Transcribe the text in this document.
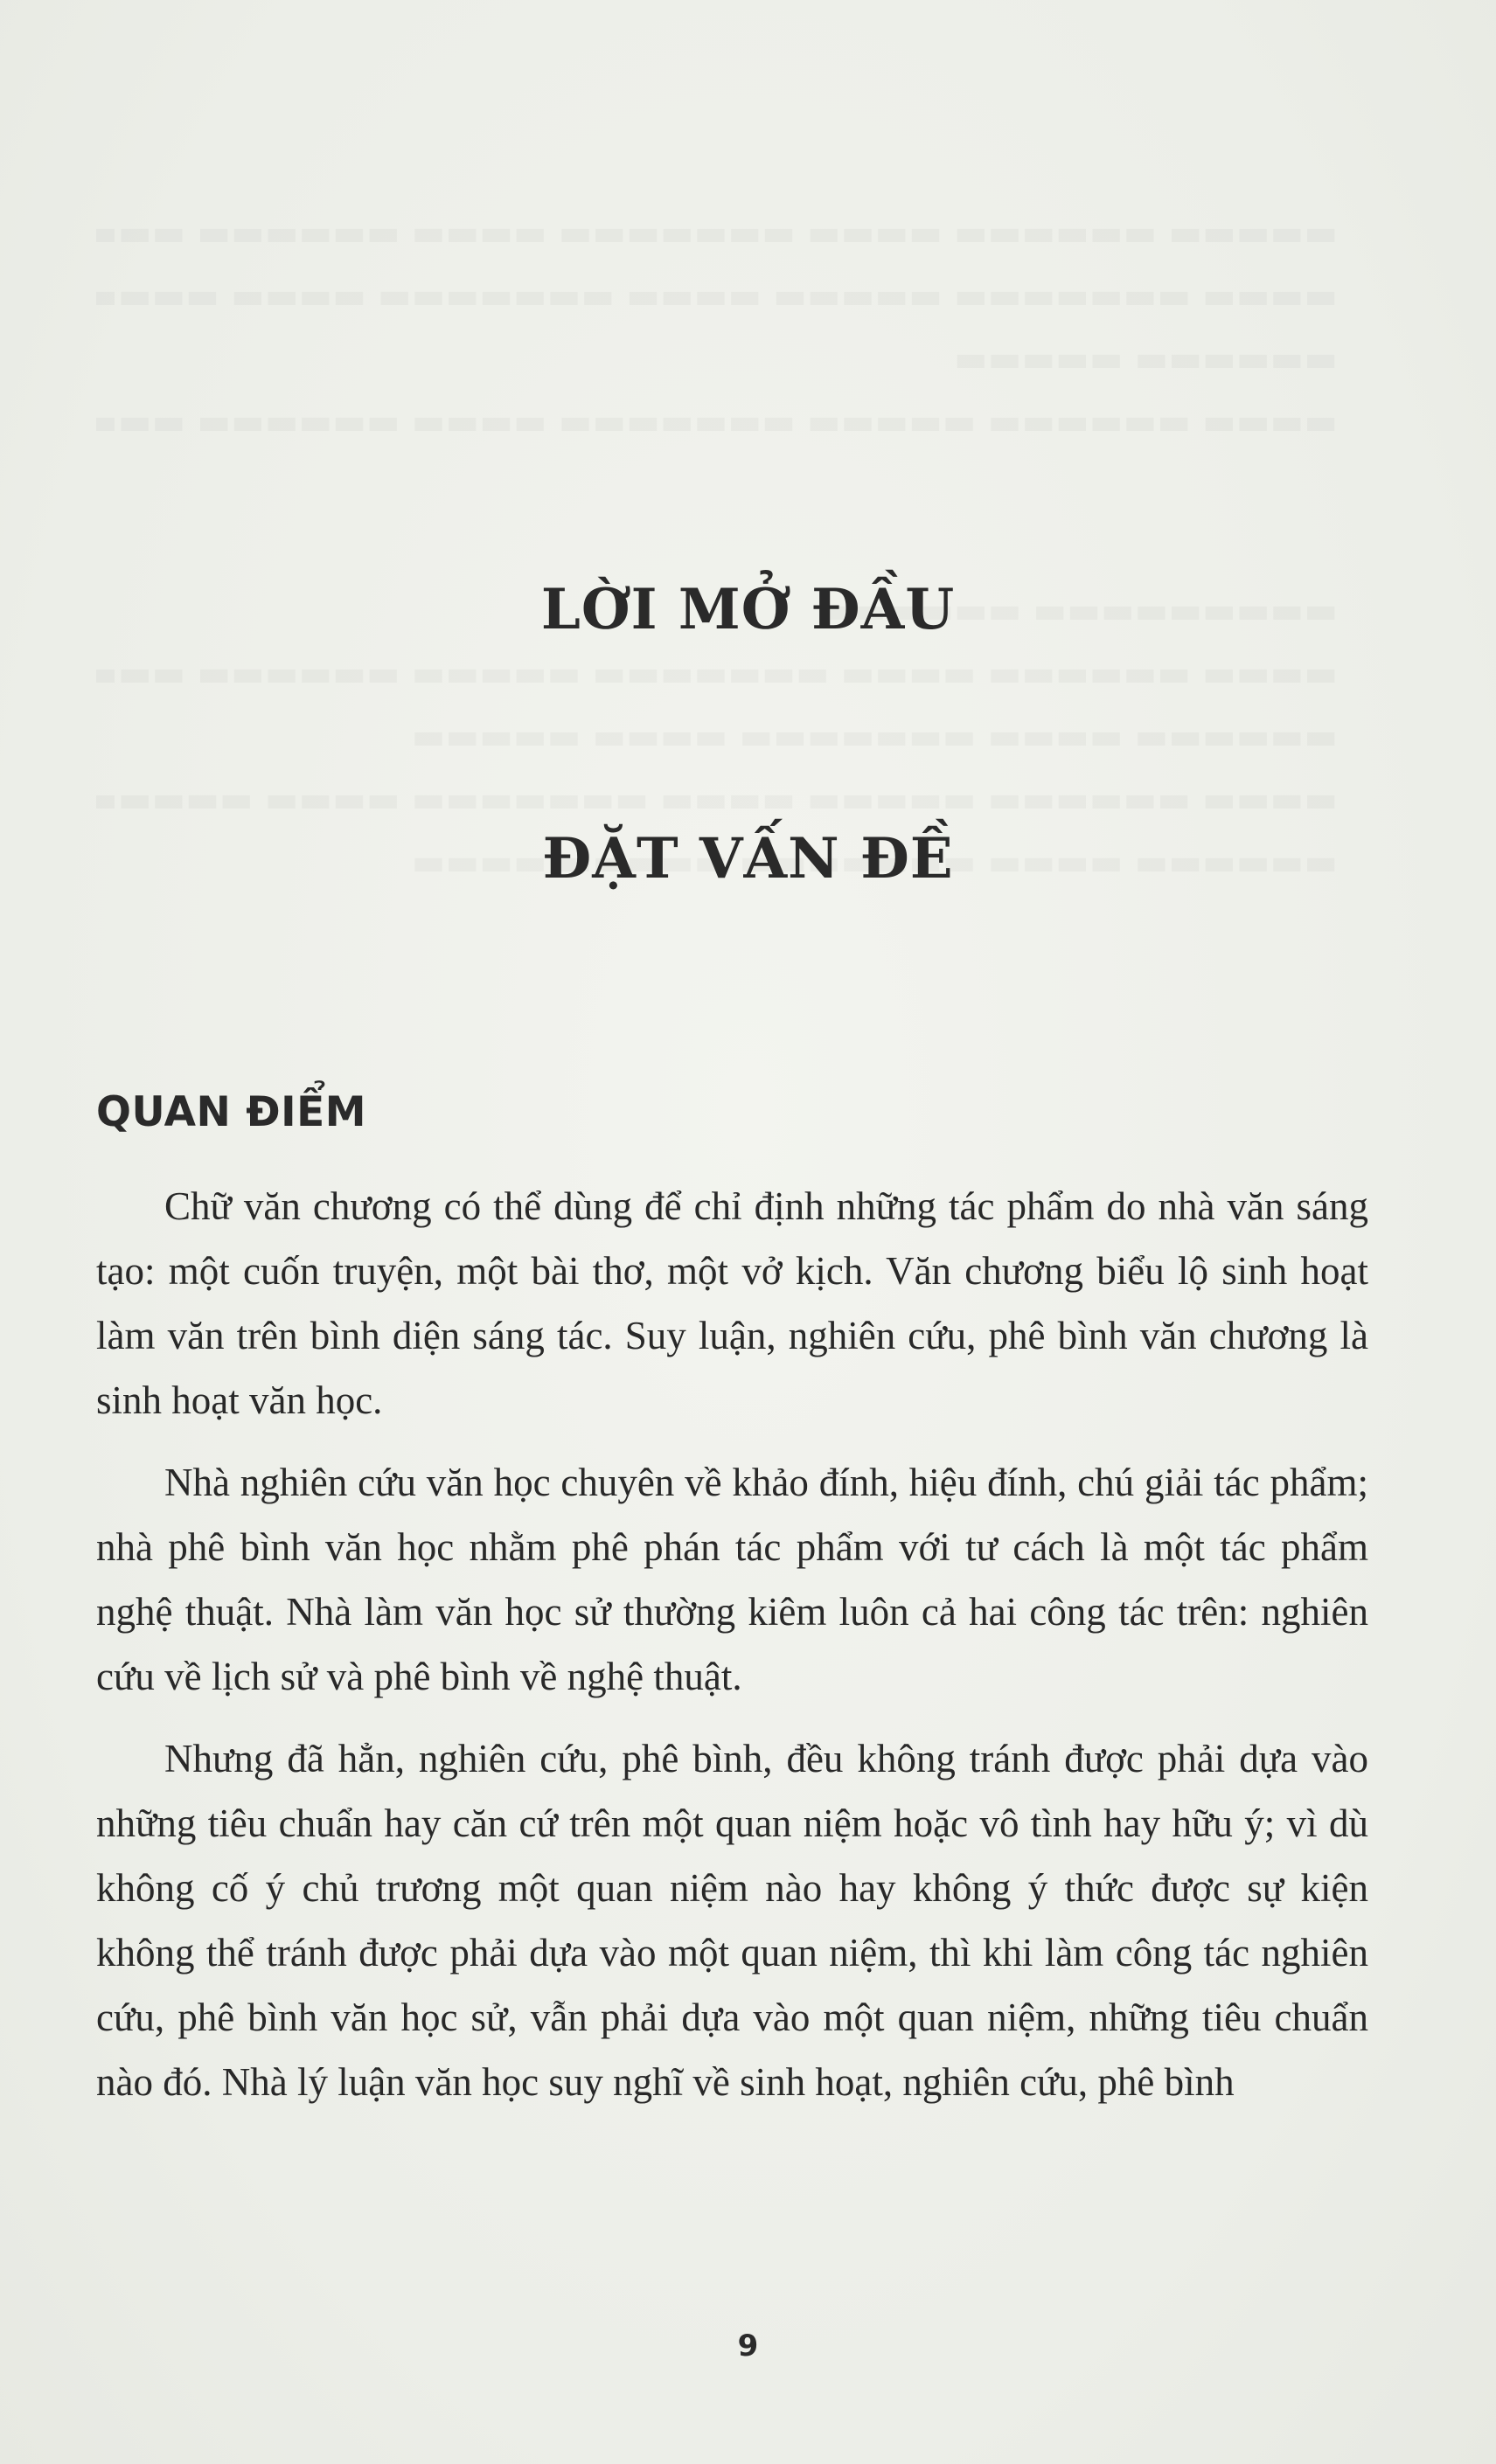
LỜI MỞ ĐẦU
ĐẶT VẤN ĐỀ
QUAN ĐIỂM

Chữ văn chương có thể dùng để chỉ định những tác phẩm do nhà văn sáng tạo: một cuốn truyện, một bài thơ, một vở kịch. Văn chương biểu lộ sinh hoạt làm văn trên bình diện sáng tác. Suy luận, nghiên cứu, phê bình văn chương là sinh hoạt văn học.

Nhà nghiên cứu văn học chuyên về khảo đính, hiệu đính, chú giải tác phẩm; nhà phê bình văn học nhằm phê phán tác phẩm với tư cách là một tác phẩm nghệ thuật. Nhà làm văn học sử thường kiêm luôn cả hai công tác trên: nghiên cứu về lịch sử và phê bình về nghệ thuật.

Nhưng đã hẳn, nghiên cứu, phê bình, đều không tránh được phải dựa vào những tiêu chuẩn hay căn cứ trên một quan niệm hoặc vô tình hay hữu ý; vì dù không cố ý chủ trương một quan niệm nào hay không ý thức được sự kiện không thể tránh được phải dựa vào một quan niệm, thì khi làm công tác nghiên cứu, phê bình văn học sử, vẫn phải dựa vào một quan niệm, những tiêu chuẩn nào đó. Nhà lý luận văn học suy nghĩ về sinh hoạt, nghiên cứu, phê bình

9
